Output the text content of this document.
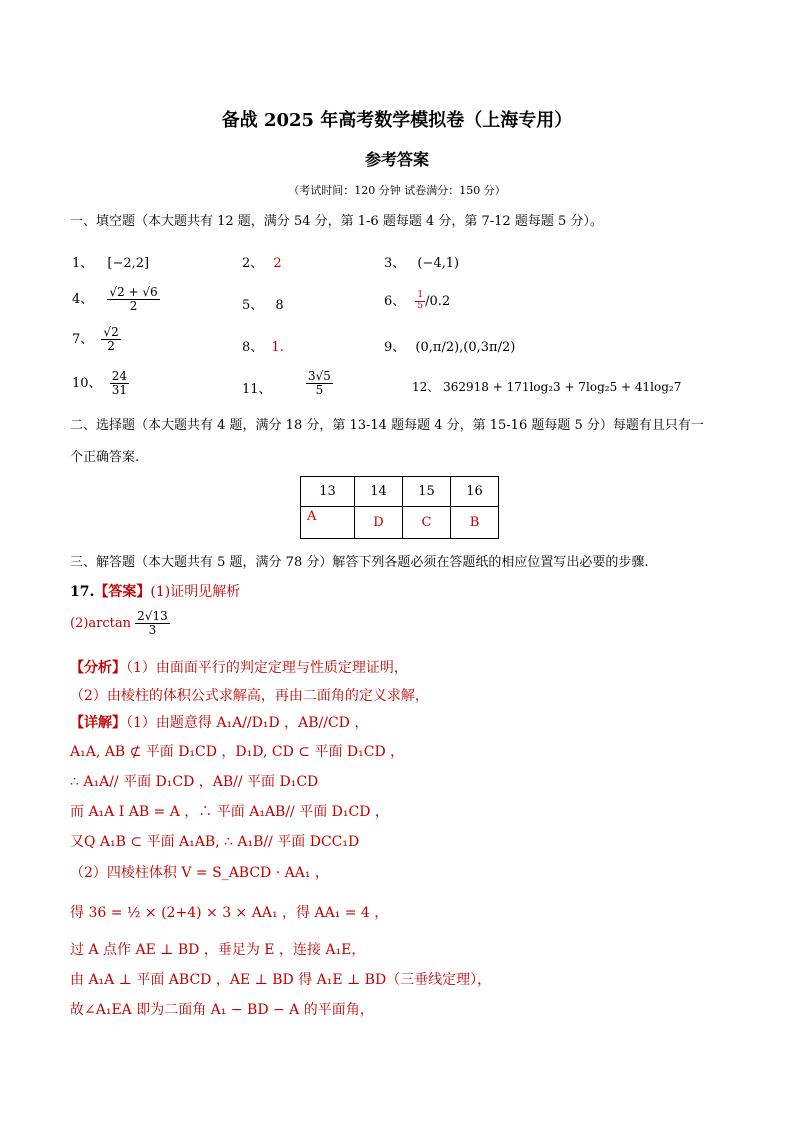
备战 2025 年高考数学模拟卷（上海专用）
参考答案
（考试时间：120 分钟 试卷满分：150 分）
一、填空题（本大题共有 12 题，满分 54 分，第 1-6 题每题 4 分，第 7-12 题每题 5 分）。
1、 [−2,2]	2、 2	3、 (−4,1)
4、 $\frac{√2 + √6}{2}$	5、 8	6、 $\frac{1}{5} /0.2$
7、 $\frac{√2}{2}$	8、 1.	9、 (0,π/2),(0,3π/2)
10、 $\frac{24}{31}$	11、	$\frac{3√5}{5}$	12、 362918 + 171log₂3 + 7log₂5 + 41log₂7
二、选择题（本大题共有 4 题，满分 18 分，第 13-14 题每题 4 分，第 15-16 题每题 5 分）每题有且只有一
个正确答案.
13	14	15	16
A	D	C	B
三、解答题（本大题共有 5 题，满分 78 分）解答下列各题必须在答题纸的相应位置写出必要的步骤.
17.【答案】(1)证明见解析
$(2)\arctan \frac{2√13}{3}$
【分析】（1）由面面平行的判定定理与性质定理证明，
（2）由棱柱的体积公式求解高，再由二面角的定义求解，
【详解】（1）由题意得 A₁A//D₁D ，AB//CD ，
A₁A, AB ⊄ 平面 D₁CD ，D₁D, CD ⊂ 平面 D₁CD ，
∴ A₁A// 平面 D₁CD ，AB// 平面 D₁CD
而 A₁A I AB = A ，∴ 平面 A₁AB// 平面 D₁CD ，
又Q A₁B ⊂ 平面 A₁AB, ∴ A₁B// 平面 DCC₁D
（2）四棱柱体积 V = S_ABCD · AA₁ ，
得 36 = ½ × (2+4) × 3 × AA₁ ，得 AA₁ = 4 ，
过 A 点作 AE ⊥ BD ，垂足为 E ，连接 A₁E，
由 A₁A ⊥ 平面 ABCD ，AE ⊥ BD 得 A₁E ⊥ BD（三垂线定理），
故∠A₁EA 即为二面角 A₁ − BD − A 的平面角，
